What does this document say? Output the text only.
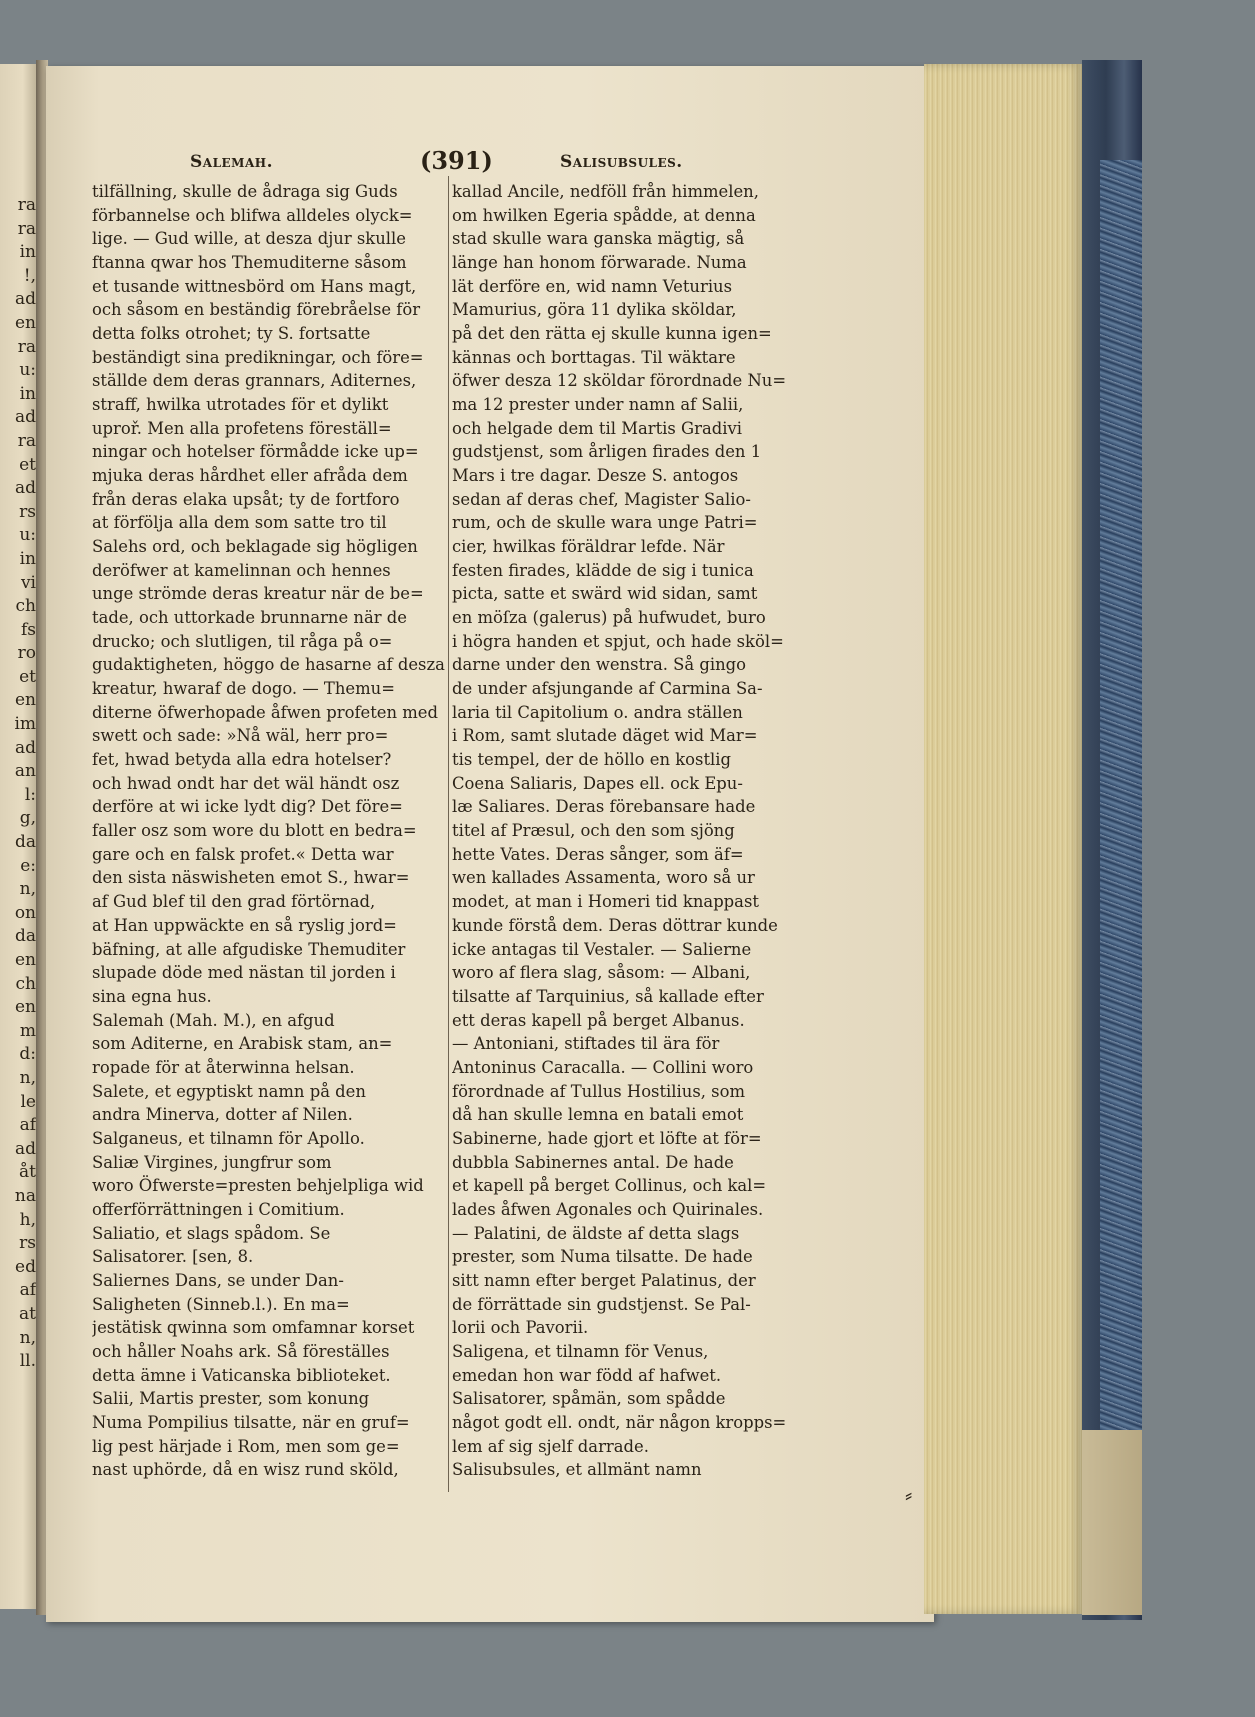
ra
ra
in
!,
ad
en
ra
u:
in
ad
ra
et
ad
rs
u:
in
vi
ch
fs
ro
et
en
im
ad
an
l:
g,
da
e:
n,
on
da
en
ch
en
m
d:
n,
le
af
ad
åt
na
h,
rs
ed
af
at
n,
ll.
Salemah.	(391)	Salisubsules.
tilfällning, skulle de ådraga sig Guds
förbannelse och blifwa alldeles olyck=
lige. — Gud wille, at desza djur skulle
ftanna qwar hos Themuditerne såsom
et tusande wittnesbörd om Hans magt,
och såsom en beständig förebråelse för
detta folks otrohet; ty S. fortsatte
beständigt sina predikningar, och före=
ställde dem deras grannars, Aditernes,
straff, hwilka utrotades för et dylikt
uproř. Men alla profetens föreställ=
ningar och hotelser förmådde icke up=
mjuka deras hårdhet eller afråda dem
från deras elaka upsåt; ty de fortforo
at förfölja alla dem som satte tro til
Salehs ord, och beklagade sig högligen
deröfwer at kamelinnan och hennes
unge strömde deras kreatur när de be=
tade, och uttorkade brunnarne när de
drucko; och slutligen, til råga på o=
gudaktigheten, höggo de hasarne af desza
kreatur, hwaraf de dogo. — Themu=
diterne öfwerhopade åfwen profeten med
swett och sade: »Nå wäl, herr pro=
fet, hwad betyda alla edra hotelser?
och hwad ondt har det wäl händt osz
derföre at wi icke lydt dig? Det före=
faller osz som wore du blott en bedra=
gare och en falsk profet.« Detta war
den sista näswisheten emot S., hwar=
af Gud blef til den grad förtörnad,
at Han uppwäckte en så ryslig jord=
bäfning, at alle afgudiske Themuditer
slupade döde med nästan til jorden i
sina egna hus.
Salemah (Mah. M.), en afgud
som Aditerne, en Arabisk stam, an=
ropade för at återwinna helsan.
Salete, et egyptiskt namn på den
andra Minerva, dotter af Nilen.
Salganeus, et tilnamn för Apollo.
Saliæ Virgines, jungfrur som
woro Öfwerste=presten behjelpliga wid
offerförrättningen i Comitium.
Saliatio, et slags spådom. Se
Salisatorer. [sen, 8.
Saliernes Dans, se under Dan-
Saligheten (Sinneb.l.). En ma=
jestätisk qwinna som omfamnar korset
och håller Noahs ark. Så föreställes
detta ämne i Vaticanska biblioteket.
Salii, Martis prester, som konung
Numa Pompilius tilsatte, när en gruf=
lig pest härjade i Rom, men som ge=
nast uphörde, då en wisz rund sköld,
kallad Ancile, nedföll från himmelen,
om hwilken Egeria spådde, at denna
stad skulle wara ganska mägtig, så
länge han honom förwarade. Numa
lät derföre en, wid namn Veturius
Mamurius, göra 11 dylika sköldar,
på det den rätta ej skulle kunna igen=
kännas och borttagas. Til wäktare
öfwer desza 12 sköldar förordnade Nu=
ma 12 prester under namn af Salii,
och helgade dem til Martis Gradivi
gudstjenst, som årligen firades den 1
Mars i tre dagar. Desze S. antogos
sedan af deras chef, Magister Salio-
rum, och de skulle wara unge Patri=
cier, hwilkas föräldrar lefde. När
festen firades, klädde de sig i tunica
picta, satte et swärd wid sidan, samt
en möſza (galerus) på hufwudet, buro
i högra handen et spjut, och hade sköl=
darne under den wenstra. Så gingo
de under afsjungande af Carmina Sa-
laria til Capitolium o. andra ställen
i Rom, samt slutade däget wid Mar=
tis tempel, der de höllo en kostlig
Coena Saliaris, Dapes ell. ock Epu-
læ Saliares. Deras förebansare hade
titel af Præsul, och den som sjöng
hette Vates. Deras sånger, som äf=
wen kallades Assamenta, woro så ur
modet, at man i Homeri tid knappast
kunde förstå dem. Deras döttrar kunde
icke antagas til Vestaler. — Salierne
woro af flera slag, såsom: — Albani,
tilsatte af Tarquinius, så kallade efter
ett deras kapell på berget Albanus.
— Antoniani, stiftades til ära för
Antoninus Caracalla. — Collini woro
förordnade af Tullus Hostilius, som
då han skulle lemna en batali emot
Sabinerne, hade gjort et löfte at för=
dubbla Sabinernes antal. De hade
et kapell på berget Collinus, och kal=
lades åfwen Agonales och Quirinales.
— Palatini, de äldste af detta slags
prester, som Numa tilsatte. De hade
sitt namn efter berget Palatinus, der
de förrättade sin gudstjenst. Se Pal-
lorii och Pavorii.
Saligena, et tilnamn för Venus,
emedan hon war född af hafwet.
Salisatorer, spåmän, som spådde
något godt ell. ondt, när någon kropps=
lem af sig sjelf darrade.
Salisubsules, et allmänt namn
⸗
